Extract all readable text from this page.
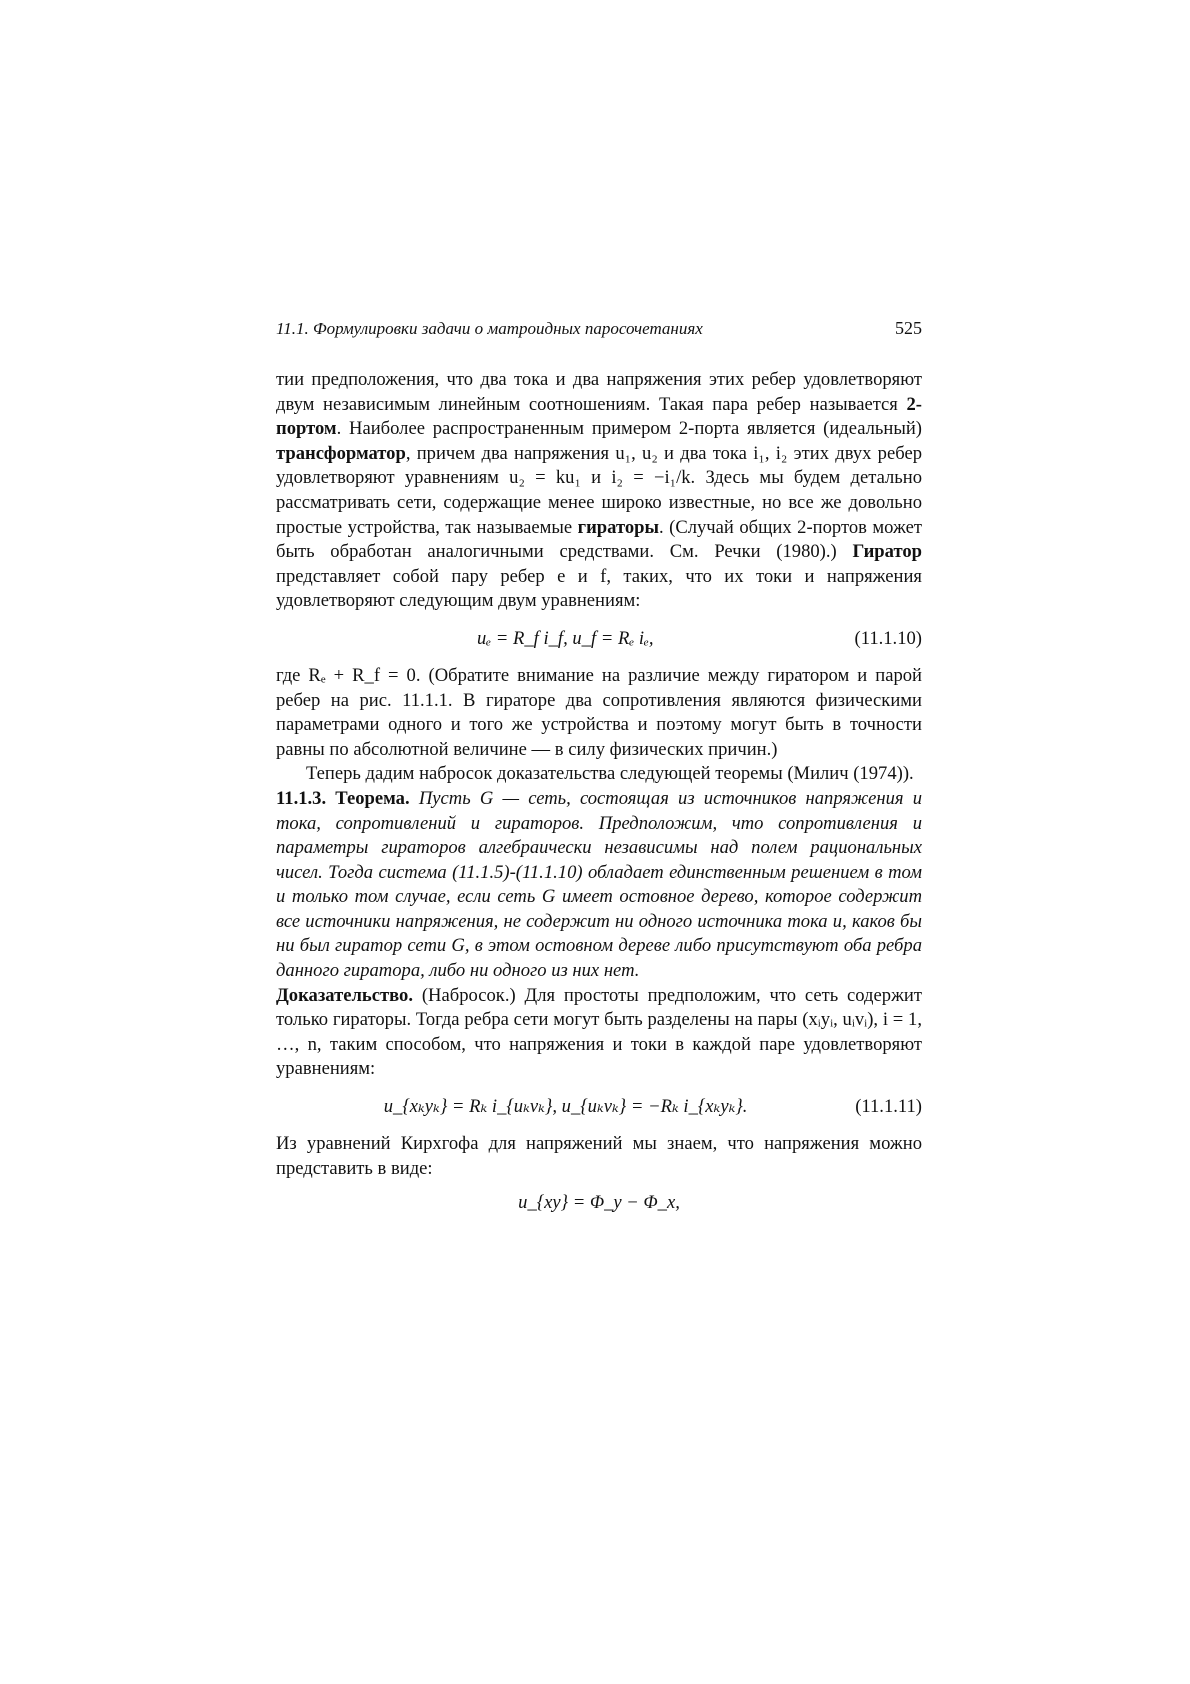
11.1. Формулировки задачи о матроидных паросочетаниях	525

тии предположения, что два тока и два напряжения этих ребер удовлетворяют двум независимым линейным соотношениям. Такая пара ребер называется 2-портом. Наиболее распространенным примером 2-порта является (идеальный) трансформатор, причем два напряжения u₁, u₂ и два тока i₁, i₂ этих двух ребер удовлетворяют уравнениям u₂ = ku₁ и i₂ = −i₁/k. Здесь мы будем детально рассматривать сети, содержащие менее широко известные, но все же довольно простые устройства, так называемые гираторы. (Случай общих 2-портов может быть обработан аналогичными средствами. См. Речки (1980).) Гиратор представляет собой пару ребер e и f, таких, что их токи и напряжения удовлетворяют следующим двум уравнениям:

uₑ = R_f i_f, u_f = Rₑ iₑ,	(11.1.10)

где Rₑ + R_f = 0. (Обратите внимание на различие между гиратором и парой ребер на рис. 11.1.1. В гираторе два сопротивления являются физическими параметрами одного и того же устройства и поэтому могут быть в точности равны по абсолютной величине — в силу физических причин.)

Теперь дадим набросок доказательства следующей теоремы (Милич (1974)).

11.1.3. Теорема. Пусть G — сеть, состоящая из источников напряжения и тока, сопротивлений и гираторов. Предположим, что сопротивления и параметры гираторов алгебраически независимы над полем рациональных чисел. Тогда система (11.1.5)-(11.1.10) обладает единственным решением в том и только том случае, если сеть G имеет остовное дерево, которое содержит все источники напряжения, не содержит ни одного источника тока и, каков бы ни был гиратор сети G, в этом остовном дереве либо присутствуют оба ребра данного гиратора, либо ни одного из них нет.

Доказательство. (Набросок.) Для простоты предположим, что сеть содержит только гираторы. Тогда ребра сети могут быть разделены на пары (xᵢyᵢ, uᵢvᵢ), i = 1, …, n, таким способом, что напряжения и токи в каждой паре удовлетворяют уравнениям:

u_{xₖyₖ} = Rₖ i_{uₖvₖ}, u_{uₖvₖ} = −Rₖ i_{xₖyₖ}.	(11.1.11)

Из уравнений Кирхгофа для напряжений мы знаем, что напряжения можно представить в виде:

u_{xy} = Φ_y − Φ_x,
